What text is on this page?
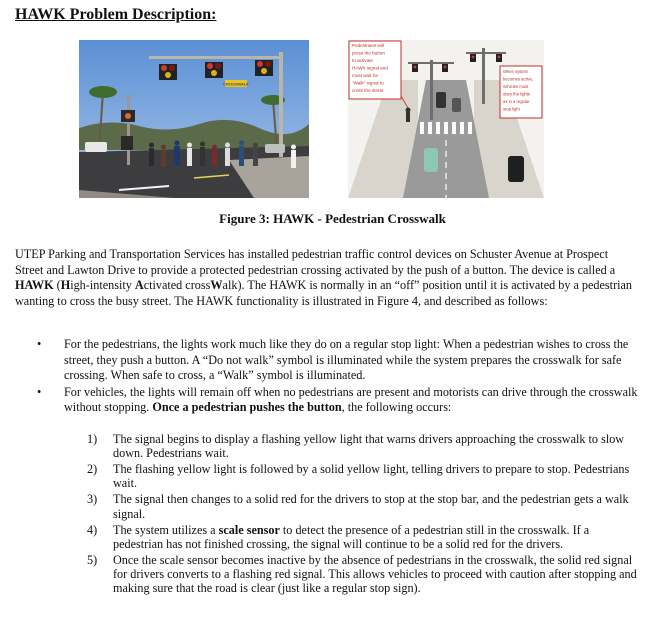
HAWK Problem Description:
CROSSWALK
Pedestrians will
press the button
to activate
HAWK signal and
must wait for
"Walk" signal to
cross the street.
When system
becomes active,
vehicles must
obey the lights
as in a regular
stop light
Figure 3: HAWK - Pedestrian Crosswalk

UTEP Parking and Transportation Services has installed pedestrian traffic control devices on Schuster Avenue at Prospect Street and Lawton Drive to provide a protected pedestrian crossing activated by the push of a button. The device is called a HAWK (High-intensity Activated crossWalk). The HAWK is normally in an “off” position until it is activated by a pedestrian wanting to cross the busy street. The HAWK functionality is illustrated in Figure 4, and described as follows:

• For the pedestrians, the lights work much like they do on a regular stop light: When a pedestrian wishes to cross the street, they push a button. A “Do not walk” symbol is illuminated while the system prepares the crosswalk for safe crossing. When safe to cross, a “Walk” symbol is illuminated.
• For vehicles, the lights will remain off when no pedestrians are present and motorists can drive through the crosswalk without stopping. Once a pedestrian pushes the button, the following occurs:
1) The signal begins to display a flashing yellow light that warns drivers approaching the crosswalk to slow down. Pedestrians wait.
2) The flashing yellow light is followed by a solid yellow light, telling drivers to prepare to stop. Pedestrians wait.
3) The signal then changes to a solid red for the drivers to stop at the stop bar, and the pedestrian gets a walk signal.
4) The system utilizes a scale sensor to detect the presence of a pedestrian still in the crosswalk. If a pedestrian has not finished crossing, the signal will continue to be a solid red for the drivers.
5) Once the scale sensor becomes inactive by the absence of pedestrians in the crosswalk, the solid red signal for drivers converts to a flashing red signal. This allows vehicles to proceed with caution after stopping and making sure that the road is clear (just like a regular stop sign).
